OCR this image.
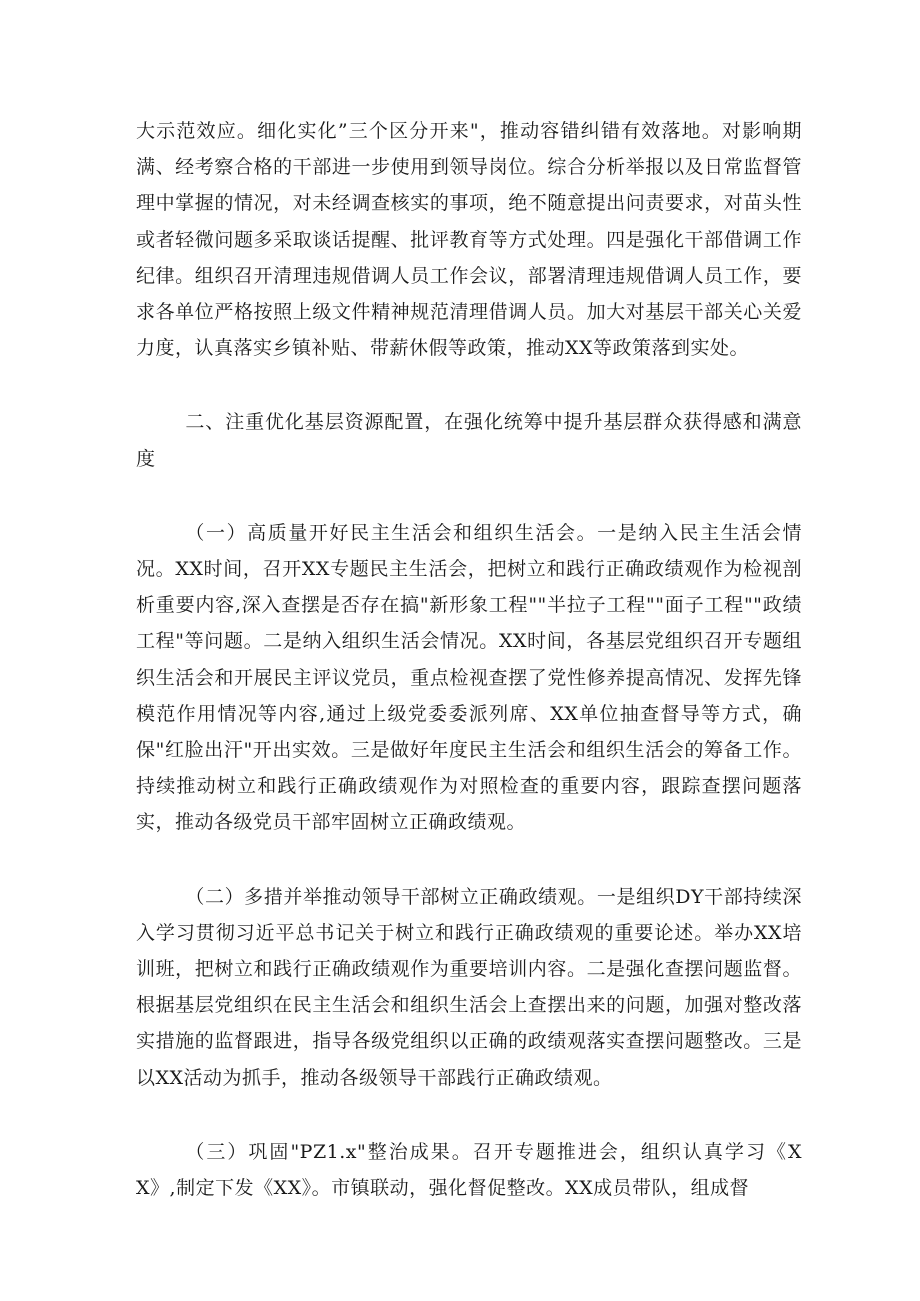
大示范效应。细化实化”三个区分开来"，推动容错纠错有效落地。对影响期满、经考察合格的干部进一步使用到领导岗位。综合分析举报以及日常监督管理中掌握的情况，对未经调查核实的事项，绝不随意提出问责要求，对苗头性或者轻微问题多采取谈话提醒、批评教育等方式处理。四是强化干部借调工作纪律。组织召开清理违规借调人员工作会议，部署清理违规借调人员工作，要求各单位严格按照上级文件精神规范清理借调人员。加大对基层干部关心关爱力度，认真落实乡镇补贴、带薪休假等政策，推动XX等政策落到实处。

二、注重优化基层资源配置，在强化统筹中提升基层群众获得感和满意度

（一）高质量开好民主生活会和组织生活会。一是纳入民主生活会情况。XX时间，召开XX专题民主生活会，把树立和践行正确政绩观作为检视剖析重要内容,深入查摆是否存在搞"新形象工程""半拉子工程""面子工程""政绩工程"等问题。二是纳入组织生活会情况。XX时间，各基层党组织召开专题组织生活会和开展民主评议党员，重点检视查摆了党性修养提高情况、发挥先锋模范作用情况等内容,通过上级党委委派列席、XX单位抽查督导等方式，确保"红脸出汗"开出实效。三是做好年度民主生活会和组织生活会的筹备工作。持续推动树立和践行正确政绩观作为对照检查的重要内容，跟踪查摆问题落实，推动各级党员干部牢固树立正确政绩观。

（二）多措并举推动领导干部树立正确政绩观。一是组织DY干部持续深入学习贯彻习近平总书记关于树立和践行正确政绩观的重要论述。举办XX培训班，把树立和践行正确政绩观作为重要培训内容。二是强化查摆问题监督。根据基层党组织在民主生活会和组织生活会上查摆出来的问题，加强对整改落实措施的监督跟进，指导各级党组织以正确的政绩观落实查摆问题整改。三是以XX活动为抓手，推动各级领导干部践行正确政绩观。

（三）巩固"PZ1.x"整治成果。召开专题推进会，组织认真学习《XX》,制定下发《XX》。市镇联动，强化督促整改。XX成员带队，组成督
